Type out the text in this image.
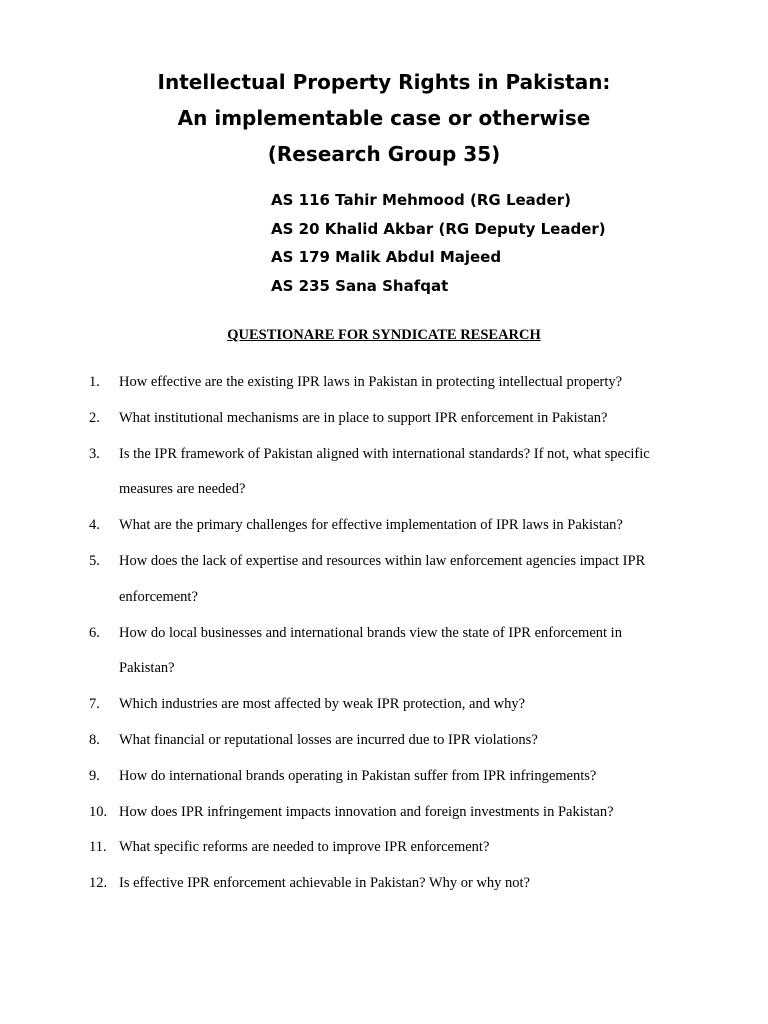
Intellectual Property Rights in Pakistan:
An implementable case or otherwise
(Research Group 35)
AS 116 Tahir Mehmood (RG Leader)
AS 20 Khalid Akbar (RG Deputy Leader)
AS 179 Malik Abdul Majeed
AS 235 Sana Shafqat
QUESTIONARE FOR SYNDICATE RESEARCH
1.	How effective are the existing IPR laws in Pakistan in protecting intellectual property?
2.	What institutional mechanisms are in place to support IPR enforcement in Pakistan?
3.	Is the IPR framework of Pakistan aligned with international standards? If not, what specific measures are needed?
4.	What are the primary challenges for effective implementation of IPR laws in Pakistan?
5.	How does the lack of expertise and resources within law enforcement agencies impact IPR enforcement?
6.	How do local businesses and international brands view the state of IPR enforcement in Pakistan?
7.	Which industries are most affected by weak IPR protection, and why?
8.	What financial or reputational losses are incurred due to IPR violations?
9.	How do international brands operating in Pakistan suffer from IPR infringements?
10. How does IPR infringement impacts innovation and foreign investments in Pakistan?
11. What specific reforms are needed to improve IPR enforcement?
12. Is effective IPR enforcement achievable in Pakistan? Why or why not?
